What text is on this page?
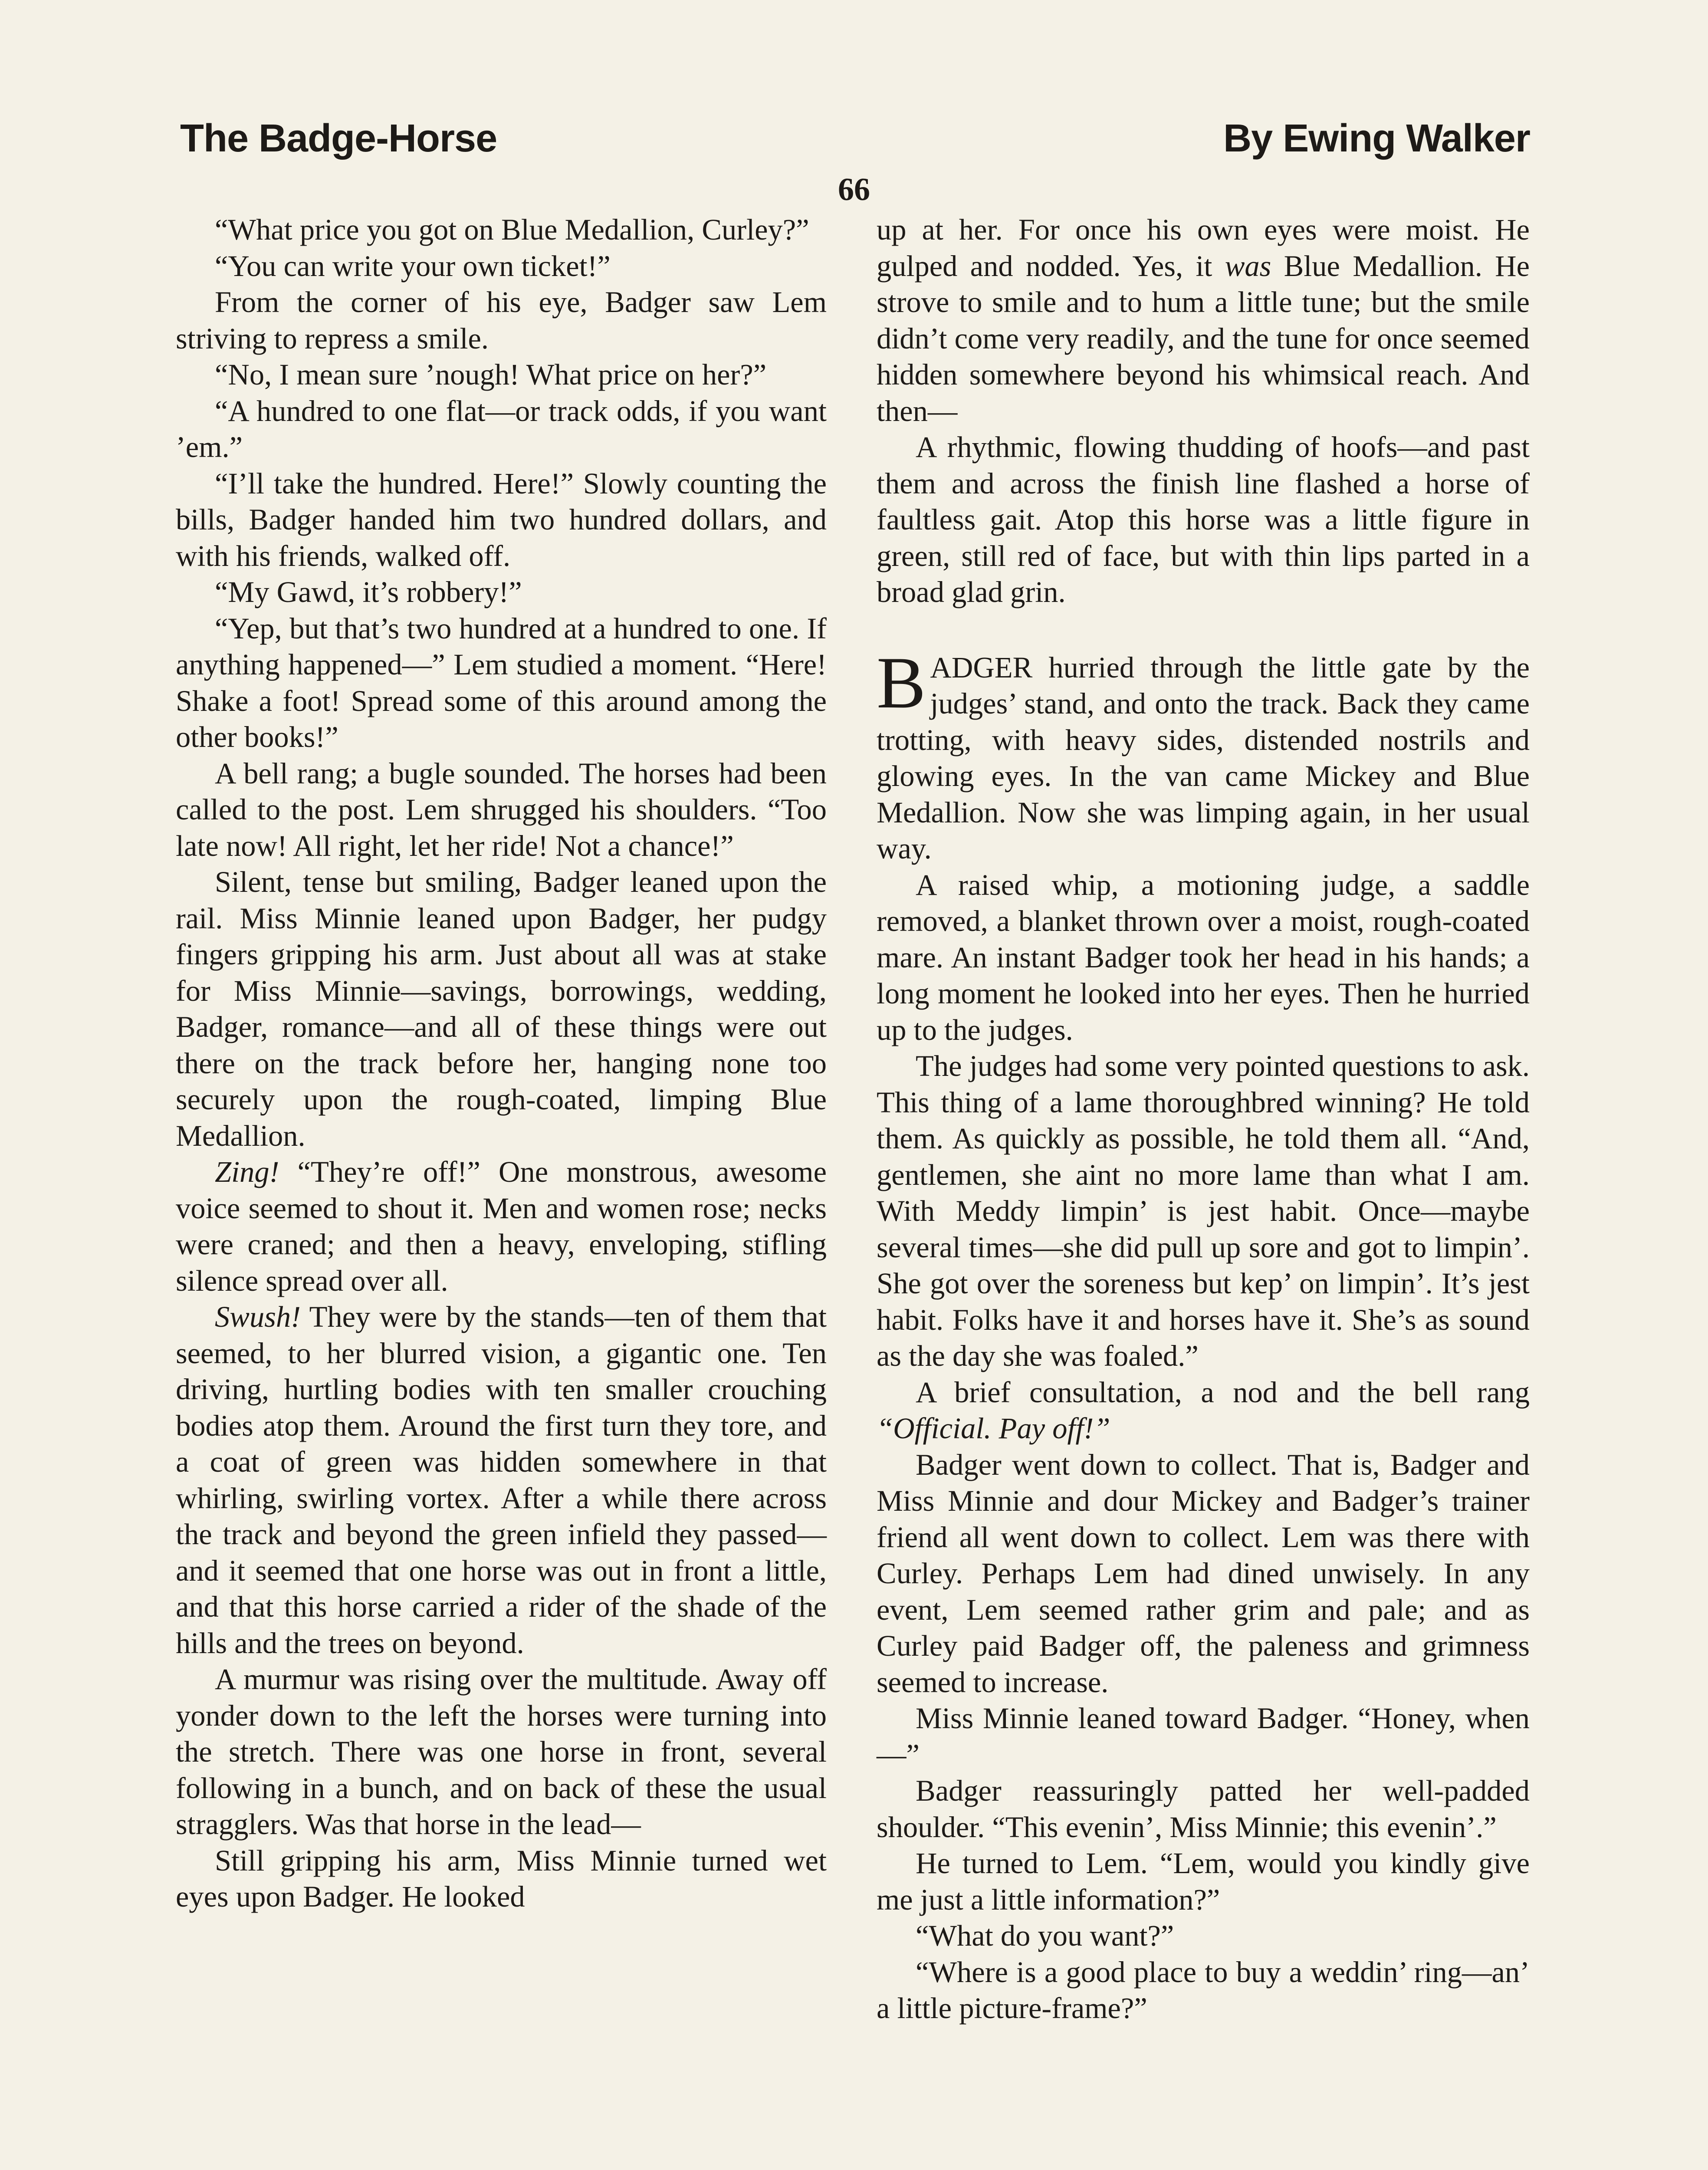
The Badge-Horse	By Ewing Walker
66

“What price you got on Blue Medallion, Curley?”

“You can write your own ticket!”

From the corner of his eye, Badger saw Lem striving to repress a smile.

“No, I mean sure ’nough! What price on her?”

“A hundred to one flat—or track odds, if you want ’em.”

“I’ll take the hundred. Here!” Slowly counting the bills, Badger handed him two hundred dollars, and with his friends, walked off.

“My Gawd, it’s robbery!”

“Yep, but that’s two hundred at a hundred to one. If anything happened—” Lem studied a moment. “Here! Shake a foot! Spread some of this around among the other books!”

A bell rang; a bugle sounded. The horses had been called to the post. Lem shrugged his shoulders. “Too late now! All right, let her ride! Not a chance!”

Silent, tense but smiling, Badger leaned upon the rail. Miss Minnie leaned upon Badger, her pudgy fingers gripping his arm. Just about all was at stake for Miss Minnie—savings, borrowings, wedding, Badger, romance—and all of these things were out there on the track before her, hanging none too securely upon the rough-coated, limping Blue Medallion.

Zing! “They’re off!” One monstrous, awesome voice seemed to shout it. Men and women rose; necks were craned; and then a heavy, enveloping, stifling silence spread over all.

Swush! They were by the stands—ten of them that seemed, to her blurred vision, a gigantic one. Ten driving, hurtling bodies with ten smaller crouching bodies atop them. Around the first turn they tore, and a coat of green was hidden somewhere in that whirling, swirling vortex. After a while there across the track and beyond the green infield they passed—and it seemed that one horse was out in front a little, and that this horse carried a rider of the shade of the hills and the trees on beyond.

A murmur was rising over the multitude. Away off yonder down to the left the horses were turning into the stretch. There was one horse in front, several following in a bunch, and on back of these the usual stragglers. Was that horse in the lead—

Still gripping his arm, Miss Minnie turned wet eyes upon Badger. He looked

up at her. For once his own eyes were moist. He gulped and nodded. Yes, it was Blue Medallion. He strove to smile and to hum a little tune; but the smile didn’t come very readily, and the tune for once seemed hidden somewhere beyond his whimsical reach. And then—

A rhythmic, flowing thudding of hoofs—and past them and across the finish line flashed a horse of faultless gait. Atop this horse was a little figure in green, still red of face, but with thin lips parted in a broad glad grin.

BADGER hurried through the little gate by the judges’ stand, and onto the track. Back they came trotting, with heavy sides, distended nostrils and glowing eyes. In the van came Mickey and Blue Medallion. Now she was limping again, in her usual way.

A raised whip, a motioning judge, a saddle removed, a blanket thrown over a moist, rough-coated mare. An instant Badger took her head in his hands; a long moment he looked into her eyes. Then he hurried up to the judges.

The judges had some very pointed questions to ask. This thing of a lame thoroughbred winning? He told them. As quickly as possible, he told them all. “And, gentlemen, she aint no more lame than what I am. With Meddy limpin’ is jest habit. Once—maybe several times—she did pull up sore and got to limpin’. She got over the soreness but kep’ on limpin’. It’s jest habit. Folks have it and horses have it. She’s as sound as the day she was foaled.”

A brief consultation, a nod and the bell rang “Official. Pay off!”

Badger went down to collect. That is, Badger and Miss Minnie and dour Mickey and Badger’s trainer friend all went down to collect. Lem was there with Curley. Perhaps Lem had dined unwisely. In any event, Lem seemed rather grim and pale; and as Curley paid Badger off, the paleness and grimness seemed to increase.

Miss Minnie leaned toward Badger. “Honey, when—”

Badger reassuringly patted her well-padded shoulder. “This evenin’, Miss Minnie; this evenin’.”

He turned to Lem. “Lem, would you kindly give me just a little information?”

“What do you want?”

“Where is a good place to buy a weddin’ ring—an’ a little picture-frame?”
